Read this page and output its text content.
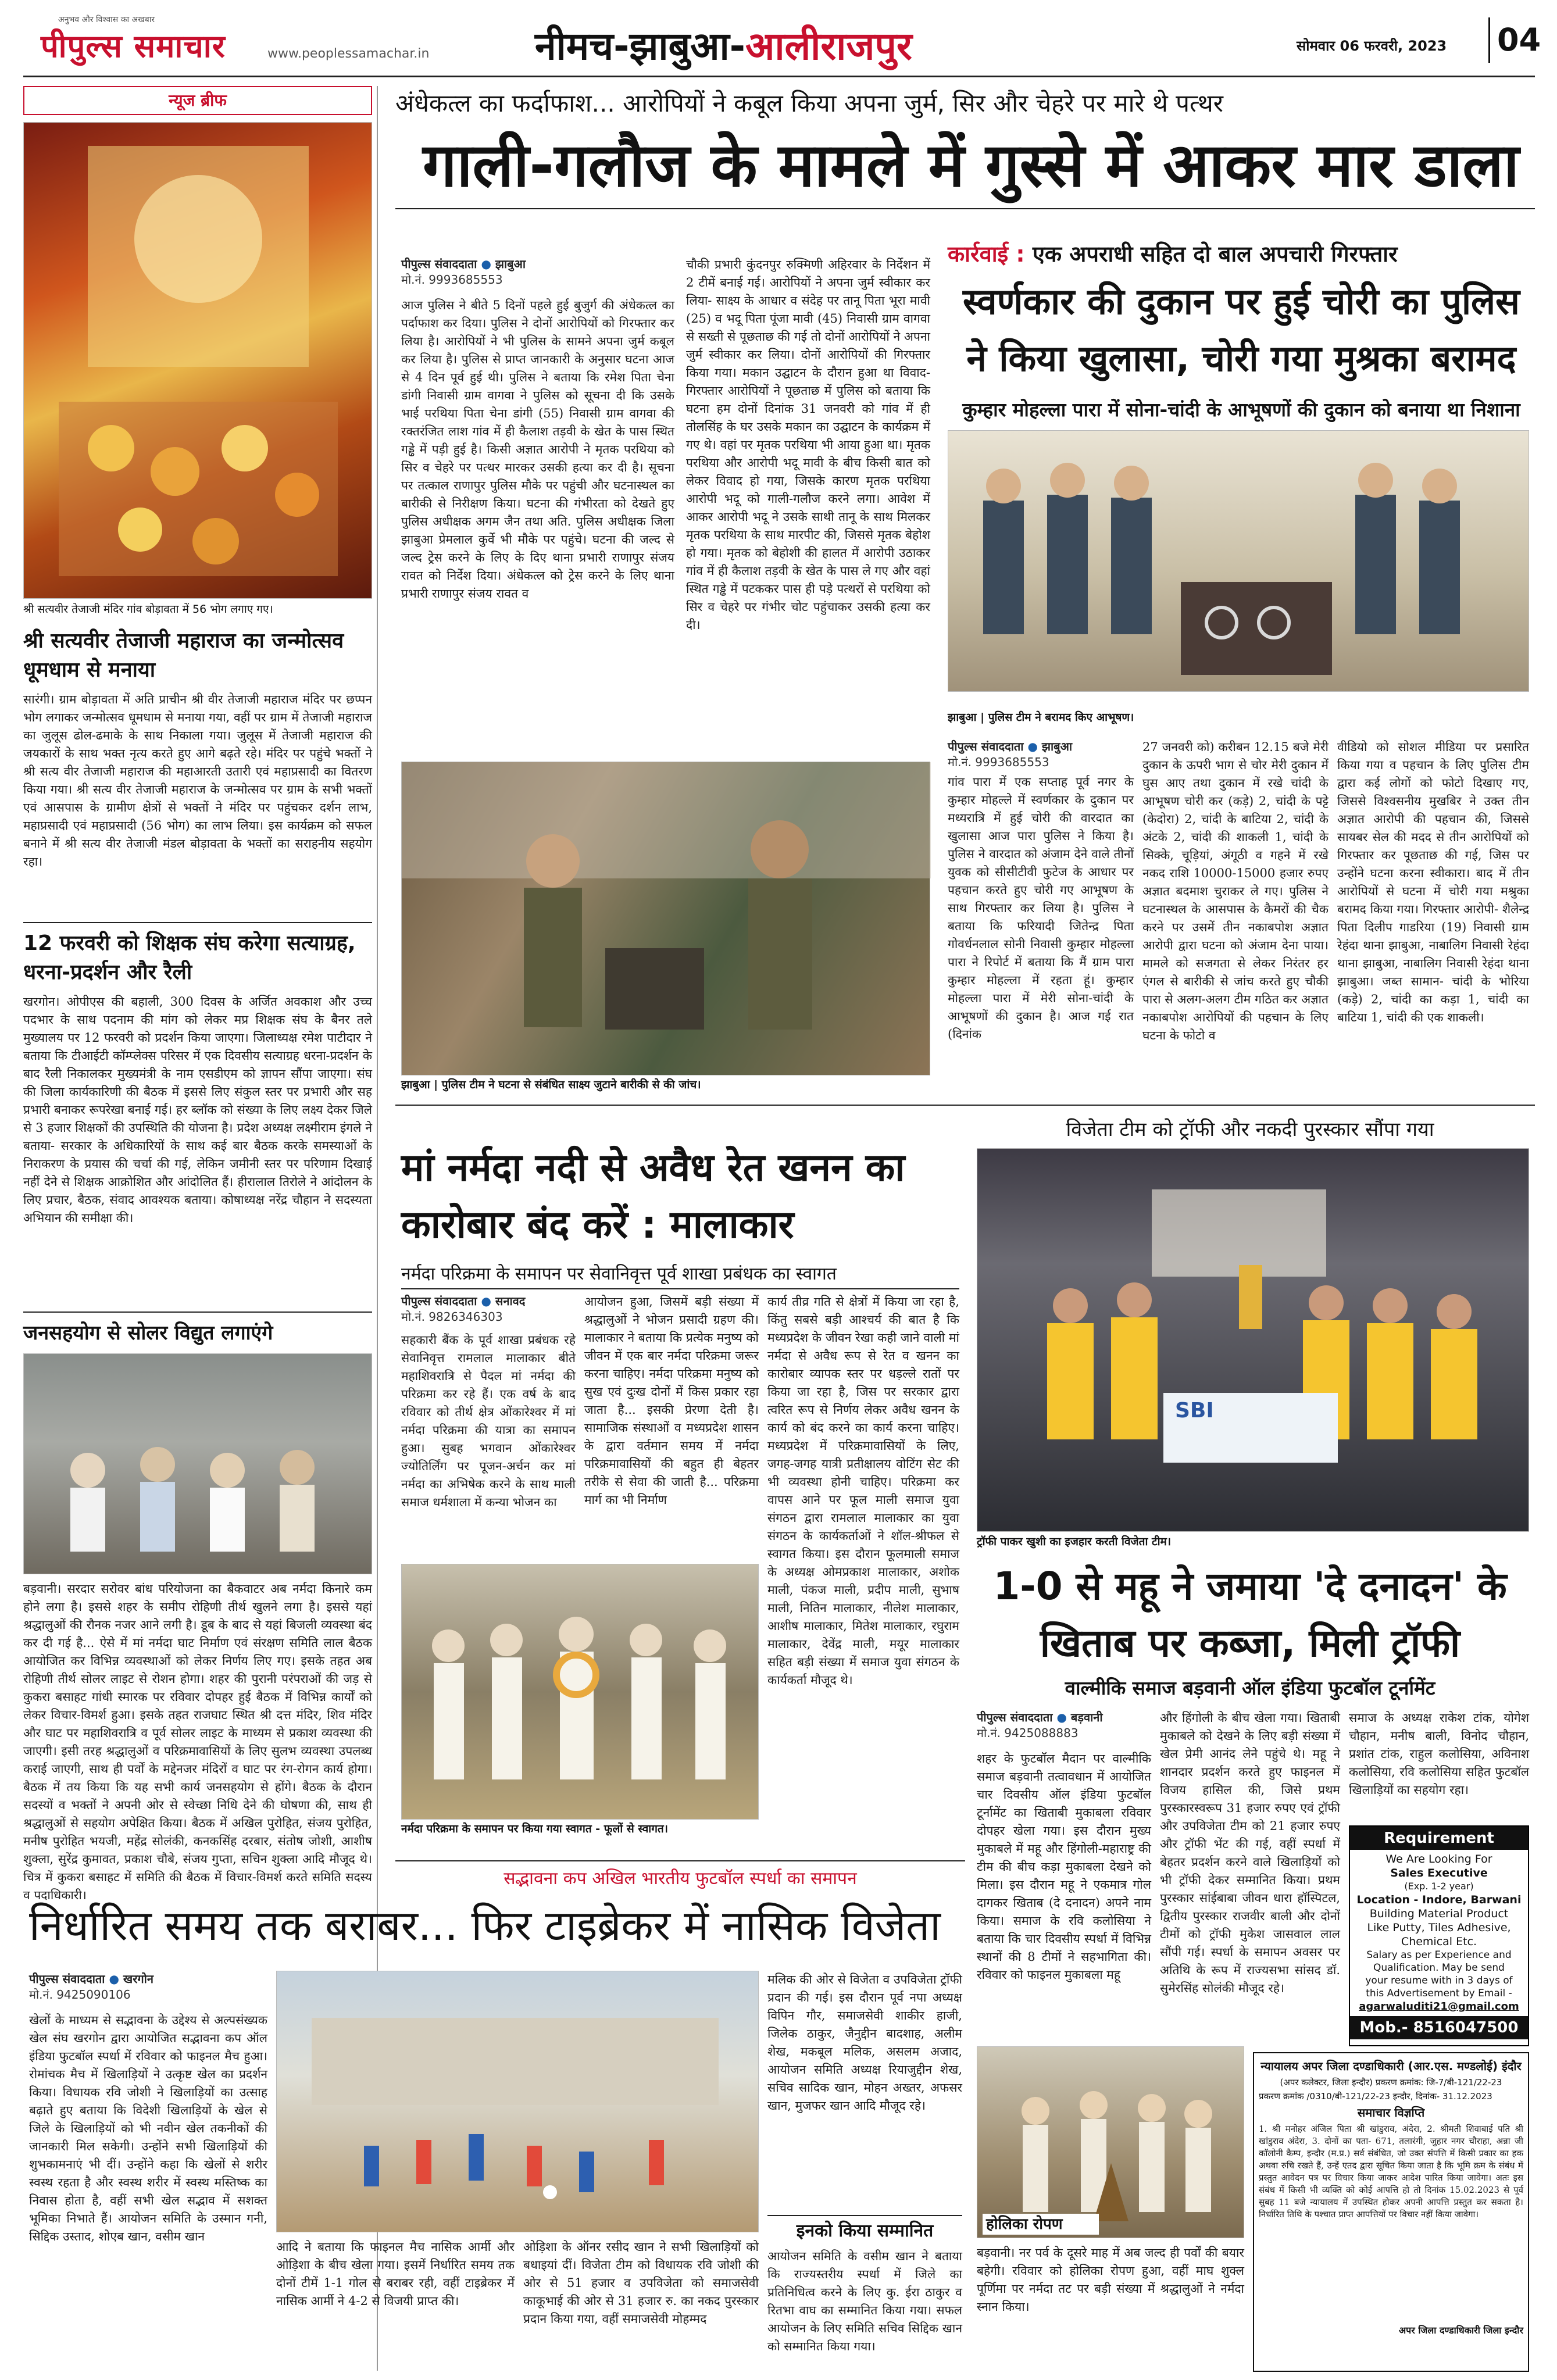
अनुभव और विश्वास का अखबार
पीपुल्स समाचार	www.peoplessamachar.in	नीमच-झाबुआ-आलीराजपुर	सोमवार 06 फरवरी, 2023 04
न्यूज ब्रीफ
श्री सत्यवीर तेजाजी मंदिर गांव बोड़ावता में 56 भोग लगाए गए।
श्री सत्यवीर तेजाजी महाराज का जन्मोत्सव धूमधाम से मनाया
सारंगी। ग्राम बोड़ावता में अति प्राचीन श्री वीर तेजाजी महाराज मंदिर पर छप्पन भोग लगाकर जन्मोत्सव धूमधाम से मनाया गया, वहीं पर ग्राम में तेजाजी महाराज का जुलूस ढोल-ढमाके के साथ निकाला गया। जुलूस में तेजाजी महाराज की जयकारों के साथ भक्त नृत्य करते हुए आगे बढ़ते रहे। मंदिर पर पहुंचे भक्तों ने श्री सत्य वीर तेजाजी महाराज की महाआरती उतारी एवं महाप्रसादी का वितरण किया गया। श्री सत्य वीर तेजाजी महाराज के जन्मोत्सव पर ग्राम के सभी भक्तों एवं आसपास के ग्रामीण क्षेत्रों से भक्तों ने मंदिर पर पहुंचकर दर्शन लाभ, महाप्रसादी एवं महाप्रसादी (56 भोग) का लाभ लिया। इस कार्यक्रम को सफल बनाने में श्री सत्य वीर तेजाजी मंडल बोड़ावता के भक्तों का सराहनीय सहयोग रहा।
12 फरवरी को शिक्षक संघ करेगा सत्याग्रह, धरना-प्रदर्शन और रैली
खरगोन। ओपीएस की बहाली, 300 दिवस के अर्जित अवकाश और उच्च पदभार के साथ पदनाम की मांग को लेकर मप्र शिक्षक संघ के बैनर तले मुख्यालय पर 12 फरवरी को प्रदर्शन किया जाएगा। जिलाध्यक्ष रमेश पाटीदार ने बताया कि टीआईटी कॉम्प्लेक्स परिसर में एक दिवसीय सत्याग्रह धरना-प्रदर्शन के बाद रैली निकालकर मुख्यमंत्री के नाम एसडीएम को ज्ञापन सौंपा जाएगा। संघ की जिला कार्यकारिणी की बैठक में इससे लिए संकुल स्तर पर प्रभारी और सह प्रभारी बनाकर रूपरेखा बनाई गई। हर ब्लॉक को संख्या के लिए लक्ष्य देकर जिले से 3 हजार शिक्षकों की उपस्थिति की योजना है। प्रदेश अध्यक्ष लक्ष्मीराम इंगले ने बताया- सरकार के अधिकारियों के साथ कई बार बैठक करके समस्याओं के निराकरण के प्रयास की चर्चा की गई, लेकिन जमीनी स्तर पर परिणाम दिखाई नहीं देने से शिक्षक आक्रोशित और आंदोलित हैं। हीरालाल तिरोले ने आंदोलन के लिए प्रचार, बैठक, संवाद आवश्यक बताया। कोषाध्यक्ष नरेंद्र चौहान ने सदस्यता अभियान की समीक्षा की।
जनसहयोग से सोलर विद्युत लगाएंगे
बड़वानी। सरदार सरोवर बांध परियोजना का बैकवाटर अब नर्मदा किनारे कम होने लगा है। इससे शहर के समीप रोहिणी तीर्थ खुलने लगा है। इससे यहां श्रद्धालुओं की रौनक नजर आने लगी है। डूब के बाद से यहां बिजली व्यवस्था बंद कर दी गई है... ऐसे में मां नर्मदा घाट निर्माण एवं संरक्षण समिति लाल बैठक आयोजित कर विभिन्न व्यवस्थाओं को लेकर निर्णय लिए गए। इसके तहत अब रोहिणी तीर्थ सोलर लाइट से रोशन होगा। शहर की पुरानी परंपराओं की जड़ से कुकरा बसाहट गांधी स्मारक पर रविवार दोपहर हुई बैठक में विभिन्न कार्यों को लेकर विचार-विमर्श हुआ। इसके तहत राजघाट स्थित श्री दत्त मंदिर, शिव मंदिर और घाट पर महाशिवरात्रि व पूर्व सोलर लाइट के माध्यम से प्रकाश व्यवस्था की जाएगी। इसी तरह श्रद्धालुओं व परिक्रमावासियों के लिए सुलभ व्यवस्था उपलब्ध कराई जाएगी, साथ ही पर्वों के मद्देनजर मंदिरों व घाट पर रंग-रोगन कार्य होगा। बैठक में तय किया कि यह सभी कार्य जनसहयोग से होंगे। बैठक के दौरान सदस्यों व भक्तों ने अपनी ओर से स्वेच्छा निधि देने की घोषणा की, साथ ही श्रद्धालुओं से सहयोग अपेक्षित किया। बैठक में अखिल पुरोहित, संजय पुरोहित, मनीष पुरोहित भयजी, महेंद्र सोलंकी, कनकसिंह दरबार, संतोष जोशी, आशीष शुक्ला, सुरेंद्र कुमावत, प्रकाश चौबे, संजय गुप्ता, सचिन शुक्ला आदि मौजूद थे। चित्र में कुकरा बसाहट में समिति की बैठक में विचार-विमर्श करते समिति सदस्य व पदाधिकारी।
अंधेकत्ल का फर्दाफाश... आरोपियों ने कबूल किया अपना जुर्म, सिर और चेहरे पर मारे थे पत्थर
गाली-गलौज के मामले में गुस्से में आकर मार डाला
पीपुल्स संवाददाता ● झाबुआ
मो.नं. 9993685553
आज पुलिस ने बीते 5 दिनों पहले हुई बुजुर्ग की अंधेकत्ल का पर्दाफाश कर दिया। पुलिस ने दोनों आरोपियों को गिरफ्तार कर लिया है। आरोपियों ने भी पुलिस के सामने अपना जुर्म कबूल कर लिया है। पुलिस से प्राप्त जानकारी के अनुसार घटना आज से 4 दिन पूर्व हुई थी। पुलिस ने बताया कि रमेश पिता चेना डांगी निवासी ग्राम वागवा ने पुलिस को सूचना दी कि उसके भाई परथिया पिता चेना डांगी (55) निवासी ग्राम वागवा की रक्तरंजित लाश गांव में ही कैलाश तड़वी के खेत के पास स्थित गड्ढे में पड़ी हुई है। किसी अज्ञात आरोपी ने मृतक परथिया को सिर व चेहरे पर पत्थर मारकर उसकी हत्या कर दी है। सूचना पर तत्काल राणापुर पुलिस मौके पर पहुंची और घटनास्थल का बारीकी से निरीक्षण किया। घटना की गंभीरता को देखते हुए पुलिस अधीक्षक अगम जैन तथा अति. पुलिस अधीक्षक जिला झाबुआ प्रेमलाल कुर्वे भी मौके पर पहुंचे। घटना की जल्द से जल्द ट्रेस करने के लिए के दिए थाना प्रभारी राणापुर संजय रावत को निर्देश दिया। अंधेकत्ल को ट्रेस करने के लिए थाना प्रभारी राणापुर संजय रावत व
चौकी प्रभारी कुंदनपुर रुक्मिणी अहिरवार के निर्देशन में 2 टीमें बनाई गई। आरोपियों ने अपना जुर्म स्वीकार कर लिया- साक्ष्य के आधार व संदेह पर तानू पिता भूरा मावी (25) व भदू पिता पूंजा मावी (45) निवासी ग्राम वागवा से सख्ती से पूछताछ की गई तो दोनों आरोपियों ने अपना जुर्म स्वीकार कर लिया। दोनों आरोपियों की गिरफ्तार किया गया। मकान उद्घाटन के दौरान हुआ था विवाद- गिरफ्तार आरोपियों ने पूछताछ में पुलिस को बताया कि घटना हम दोनों दिनांक 31 जनवरी को गांव में ही तोलसिंह के घर उसके मकान का उद्घाटन के कार्यक्रम में गए थे। वहां पर मृतक परथिया भी आया हुआ था। मृतक परथिया और आरोपी भदू मावी के बीच किसी बात को लेकर विवाद हो गया, जिसके कारण मृतक परथिया आरोपी भदू को गाली-गलौज करने लगा। आवेश में आकर आरोपी भदू ने उसके साथी तानू के साथ मिलकर मृतक परथिया के साथ मारपीट की, जिससे मृतक बेहोश हो गया। मृतक को बेहोशी की हालत में आरोपी उठाकर गांव में ही कैलाश तड़वी के खेत के पास ले गए और वहां स्थित गड्ढे में पटककर पास ही पड़े पत्थरों से परथिया को सिर व चेहरे पर गंभीर चोट पहुंचाकर उसकी हत्या कर दी।
झाबुआ | पुलिस टीम ने घटना से संबंधित साक्ष्य जुटाने बारीकी से की जांच।
कार्रवाई : एक अपराधी सहित दो बाल अपचारी गिरफ्तार
स्वर्णकार की दुकान पर हुई चोरी का पुलिस ने किया खुलासा, चोरी गया मुश्रका बरामद
कुम्हार मोहल्ला पारा में सोना-चांदी के आभूषणों की दुकान को बनाया था निशाना
झाबुआ | पुलिस टीम ने बरामद किए आभूषण।
पीपुल्स संवाददाता ● झाबुआ
मो.नं. 9993685553
गांव पारा में एक सप्ताह पूर्व नगर के कुम्हार मोहल्ले में स्वर्णकार के दुकान पर मध्यरात्रि में हुई चोरी की वारदात का खुलासा आज पारा पुलिस ने किया है। पुलिस ने वारदात को अंजाम देने वाले तीनों युवक को सीसीटीवी फुटेज के आधार पर पहचान करते हुए चोरी गए आभूषण के साथ गिरफ्तार कर लिया है। पुलिस ने बताया कि फरियादी जितेन्द्र पिता गोवर्धनलाल सोनी निवासी कुम्हार मोहल्ला पारा ने रिपोर्ट में बताया कि मैं ग्राम पारा कुम्हार मोहल्ला में रहता हूं। कुम्हार मोहल्ला पारा में मेरी सोना-चांदी के आभूषणों की दुकान है। आज गई रात (दिनांक
27 जनवरी को) करीबन 12.15 बजे मेरी दुकान के ऊपरी भाग से चोर मेरी दुकान में घुस आए तथा दुकान में रखे चांदी के आभूषण चोरी कर (कड़े) 2, चांदी के पट्टे (केदोरा) 2, चांदी के बाटिया 2, चांदी के अंटके 2, चांदी की शाकली 1, चांदी के सिक्के, चूड़ियां, अंगूठी व गहने में रखे नकद राशि 10000-15000 हजार रुपए अज्ञात बदमाश चुराकर ले गए। पुलिस ने घटनास्थल के आसपास के कैमरों की चैक करने पर उसमें तीन नकाबपोश अज्ञात आरोपी द्वारा घटना को अंजाम देना पाया। मामले को सजगता से लेकर निरंतर हर एंगल से बारीकी से जांच करते हुए चौकी पारा से अलग-अलग टीम गठित कर अज्ञात नकाबपोश आरोपियों की पहचान के लिए घटना के फोटो व
वीडियो को सोशल मीडिया पर प्रसारित किया गया व पहचान के लिए पुलिस टीम द्वारा कई लोगों को फोटो दिखाए गए, जिससे विश्वसनीय मुखबिर ने उक्त तीन अज्ञात आरोपी की पहचान की, जिससे सायबर सेल की मदद से तीन आरोपियों को गिरफ्तार कर पूछताछ की गई, जिस पर उन्होंने घटना करना स्वीकारा। बाद में तीन आरोपियों से घटना में चोरी गया मश्रुका बरामद किया गया। गिरफ्तार आरोपी- शैलेन्द्र पिता दिलीप गाडरिया (19) निवासी ग्राम रेहंदा थाना झाबुआ, नाबालिग निवासी रेहंदा थाना झाबुआ, नाबालिग निवासी रेहंदा थाना झाबुआ। जब्त सामान- चांदी के भोरिया (कड़े) 2, चांदी का कड़ा 1, चांदी का बाटिया 1, चांदी की एक शाकली।
मां नर्मदा नदी से अवैध रेत खनन का कारोबार बंद करें : मालाकार
नर्मदा परिक्रमा के समापन पर सेवानिवृत्त पूर्व शाखा प्रबंधक का स्वागत
पीपुल्स संवाददाता ● सनावद
मो.नं. 9826346303
सहकारी बैंक के पूर्व शाखा प्रबंधक रहे सेवानिवृत्त रामलाल मालाकार बीते महाशिवरात्रि से पैदल मां नर्मदा की परिक्रमा कर रहे हैं। एक वर्ष के बाद रविवार को तीर्थ क्षेत्र ओंकारेश्वर में मां नर्मदा परिक्रमा की यात्रा का समापन हुआ। सुबह भगवान ओंकारेश्वर ज्योतिर्लिंग पर पूजन-अर्चन कर मां नर्मदा का अभिषेक करने के साथ माली समाज धर्मशाला में कन्या भोजन का
आयोजन हुआ, जिसमें बड़ी संख्या में श्रद्धालुओं ने भोजन प्रसादी ग्रहण की। मालाकार ने बताया कि प्रत्येक मनुष्य को जीवन में एक बार नर्मदा परिक्रमा जरूर करना चाहिए। नर्मदा परिक्रमा मनुष्य को सुख एवं दुःख दोनों में किस प्रकार रहा जाता है... इसकी प्रेरणा देती है। सामाजिक संस्थाओं व मध्यप्रदेश शासन के द्वारा वर्तमान समय में नर्मदा परिक्रमावासियों की बहुत ही बेहतर तरीके से सेवा की जाती है... परिक्रमा मार्ग का भी निर्माण
कार्य तीव्र गति से क्षेत्रों में किया जा रहा है, किंतु सबसे बड़ी आश्चर्य की बात है कि मध्यप्रदेश के जीवन रेखा कही जाने वाली मां नर्मदा से अवैध रूप से रेत व खनन का कारोबार व्यापक स्तर पर धड़ल्ले रातों पर किया जा रहा है, जिस पर सरकार द्वारा त्वरित रूप से निर्णय लेकर अवैध खनन के कार्य को बंद करने का कार्य करना चाहिए। मध्यप्रदेश में परिक्रमावासियों के लिए, जगह-जगह यात्री प्रतीक्षालय वोटिंग सेट की भी व्यवस्था होनी चाहिए। परिक्रमा कर वापस आने पर फूल माली समाज युवा संगठन द्वारा रामलाल मालाकार का युवा संगठन के कार्यकर्ताओं ने शॉल-श्रीफल से स्वागत किया। इस दौरान फूलमाली समाज के अध्यक्ष ओमप्रकाश मालाकार, अशोक माली, पंकज माली, प्रदीप माली, सुभाष माली, नितिन मालाकार, नीलेश मालाकार, आशीष मालाकार, मितेश मालाकार, रघुराम मालाकार, देवेंद्र माली, मयूर मालाकार सहित बड़ी संख्या में समाज युवा संगठन के कार्यकर्ता मौजूद थे।
नर्मदा परिक्रमा के समापन पर किया गया स्वागत - फूलों से स्वागत।
विजेता टीम को ट्रॉफी और नकदी पुरस्कार सौंपा गया
SBI
ट्रॉफी पाकर खुशी का इजहार करती विजेता टीम।
1-0 से महू ने जमाया 'दे दनादन' के खिताब पर कब्जा, मिली ट्रॉफी
वाल्मीकि समाज बड़वानी ऑल इंडिया फुटबॉल टूर्नामेंट
पीपुल्स संवाददाता ● बड़वानी
मो.नं. 9425088883
शहर के फुटबॉल मैदान पर वाल्मीकि समाज बड़वानी तत्वावधान में आयोजित चार दिवसीय ऑल इंडिया फुटबॉल टूर्नामेंट का खिताबी मुकाबला रविवार दोपहर खेला गया। इस दौरान मुख्य मुकाबले में महू और हिंगोली-महाराष्ट्र की टीम की बीच कड़ा मुकाबला देखने को मिला। इस दौरान महू ने एकमात्र गोल दागकर खिताब (दे दनादन) अपने नाम किया। समाज के रवि कलोसिया ने बताया कि चार दिवसीय स्पर्धा में विभिन्न स्थानों की 8 टीमों ने सहभागिता की। रविवार को फाइनल मुकाबला महू
और हिंगोली के बीच खेला गया। खिताबी मुकाबले को देखने के लिए बड़ी संख्या में खेल प्रेमी आनंद लेने पहुंचे थे। महू ने शानदार प्रदर्शन करते हुए फाइनल में विजय हासिल की, जिसे प्रथम पुरस्कारस्वरूप 31 हजार रुपए एवं ट्रॉफी और उपविजेता टीम को 21 हजार रुपए और ट्रॉफी भेंट की गई, वहीं स्पर्धा में बेहतर प्रदर्शन करने वाले खिलाड़ियों को भी ट्रॉफी देकर सम्मानित किया। प्रथम पुरस्कार सांईबाबा जीवन धारा हॉस्पिटल, द्वितीय पुरस्कार राजवीर बाली और दोनों टीमों को ट्रॉफी मुकेश जासवाल लाल सौंपी गई। स्पर्धा के समापन अवसर पर अतिथि के रूप में राज्यसभा सांसद डॉ. सुमेरसिंह सोलंकी मौजूद रहे।
समाज के अध्यक्ष राकेश टांक, योगेश चौहान, मनीष बाली, विनोद चौहान, प्रशांत टांक, राहुल कलोसिया, अविनाश कलोसिया, रवि कलोसिया सहित फुटबॉल खिलाड़ियों का सहयोग रहा।
Requirement
We Are Looking For
Sales Executive
(Exp. 1-2 year)
Location - Indore, Barwani
Building Material Product
Like Putty, Tiles Adhesive,
Chemical Etc.
Salary as per Experience and
Qualification. May be send
your resume with in 3 days of
this Advertisement by Email -
agarwaluditi21@gmail.com
Mob.- 8516047500
सद्भावना कप अखिल भारतीय फुटबॉल स्पर्धा का समापन
निर्धारित समय तक बराबर... फिर टाइब्रेकर में नासिक विजेता
पीपुल्स संवाददाता ● खरगोन
मो.नं. 9425090106
खेलों के माध्यम से सद्भावना के उद्देश्य से अल्पसंख्यक खेल संघ खरगोन द्वारा आयोजित सद्भावना कप ऑल इंडिया फुटबॉल स्पर्धा में रविवार को फाइनल मैच हुआ। रोमांचक मैच में खिलाड़ियों ने उत्कृष्ट खेल का प्रदर्शन किया। विधायक रवि जोशी ने खिलाड़ियों का उत्साह बढ़ाते हुए बताया कि विदेशी खिलाड़ियों के खेल से जिले के खिलाड़ियों को भी नवीन खेल तकनीकों की जानकारी मिल सकेगी। उन्होंने सभी खिलाड़ियों की शुभकामनाएं भी दीं। उन्होंने कहा कि खेलों से शरीर स्वस्थ रहता है और स्वस्थ शरीर में स्वस्थ मस्तिष्क का निवास होता है, वहीं सभी खेल सद्भाव में सशक्त भूमिका निभाते हैं। आयोजन समिति के उस्मान गनी, सिद्दिक उस्ताद, शोएब खान, वसीम खान
आदि ने बताया कि फाइनल मैच नासिक आर्मी और ओड़िशा के बीच खेला गया। इसमें निर्धारित समय तक दोनों टीमें 1-1 गोल से बराबर रही, वहीं टाइब्रेकर में नासिक आर्मी ने 4-2 से विजयी प्राप्त की।
ओड़िशा के ऑनर रसीद खान ने सभी खिलाड़ियों को बधाइयां दीं। विजेता टीम को विधायक रवि जोशी की ओर से 51 हजार व उपविजेता को समाजसेवी काकूभाई की ओर से 31 हजार रु. का नकद पुरस्कार प्रदान किया गया, वहीं समाजसेवी मोहम्मद
मलिक की ओर से विजेता व उपविजेता ट्रॉफी प्रदान की गई। इस दौरान पूर्व नपा अध्यक्ष विपिन गौर, समाजसेवी शाकीर हाजी, जिलेक ठाकुर, जैनुद्दीन बादशाह, अलीम शेख, मकबूल मलिक, असलम अजाद, आयोजन समिति अध्यक्ष रियाजुद्दीन शेख, सचिव सादिक खान, मोहन अख्तर, अफसर खान, मुजफर खान आदि मौजूद रहे।
इनको किया सम्मानित
आयोजन समिति के वसीम खान ने बताया कि राज्यस्तरीय स्पर्धा में जिले का प्रतिनिधित्व करने के लिए कु. ईरा ठाकुर व रितभा वाघ का सम्मानित किया गया। सफल आयोजन के लिए समिति सचिव सिद्दिक खान को सम्मानित किया गया।
होलिका रोपण
बड़वानी। नर पर्व के दूसरे माह में अब जल्द ही पर्वों की बयार बहेगी। रविवार को होलिका रोपण हुआ, वहीं माघ शुक्ल पूर्णिमा पर नर्मदा तट पर बड़ी संख्या में श्रद्धालुओं ने नर्मदा स्नान किया।
न्यायालय अपर जिला दण्डाधिकारी (आर.एस. मण्डलोई) इंदौर
(अपर कलेक्टर, जिला इन्दौर) प्रकरण क्रमांक: जि-7/बी-121/22-23
प्रकरण क्रमांक /0310/बी-121/22-23 इन्दौर, दिनांक- 31.12.2023
समाचार विज्ञप्ति
1. श्री मनोहर अंजिल पिता श्री खांडुराव, अंदेरा, 2. श्रीमती शिवाबाई पति श्री खांडुराव अंदेरा, 3. दोनों का पता- 671, तलारंगी, जुहार नगर चौराहा, अन्ना जी काॅलोनी कैम्प, इन्दौर (म.प्र.) सर्व संबंधित, जो उक्त संपत्ति में किसी प्रकार का हक अथवा रुचि रखते हैं, उन्हें एतद द्वारा सूचित किया जाता है कि भूमि क्रम के संबंध में प्रस्तुत आवेदन पत्र पर विचार किया जाकर आदेश पारित किया जावेगा। अतः इस संबंध में किसी भी व्यक्ति को कोई आपत्ति हो तो दिनांक 15.02.2023 से पूर्व सुबह 11 बजे न्यायालय में उपस्थित होकर अपनी आपत्ति प्रस्तुत कर सकता है। निर्धारित तिथि के पश्चात प्राप्त आपत्तियों पर विचार नहीं किया जावेगा।
अपर जिला दण्डाधिकारी जिला इन्दौर
